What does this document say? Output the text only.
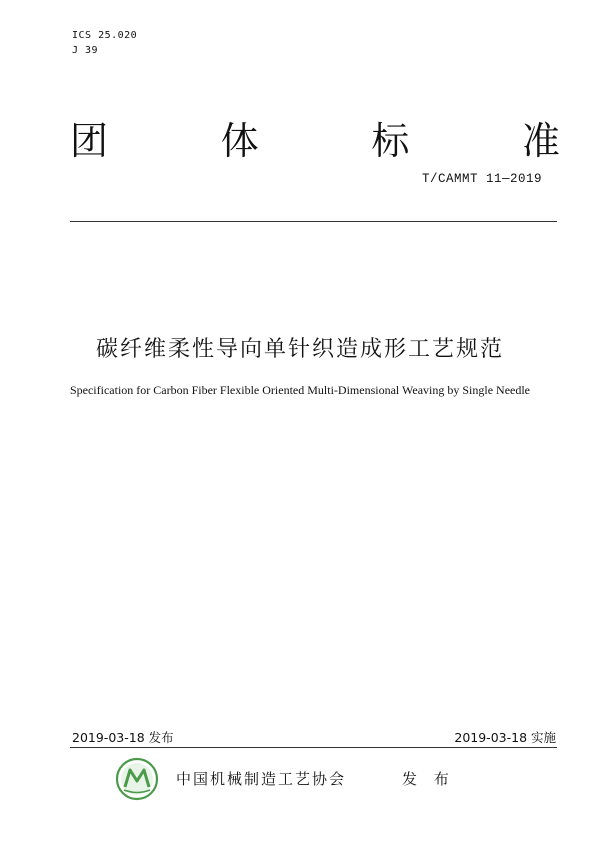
ICS 25.020
J 39
团	体	标	准
T/CAMMT 11—2019
碳纤维柔性导向单针织造成形工艺规范
Specification for Carbon Fiber Flexible Oriented Multi-Dimensional Weaving by Single Needle
2019-03-18 发布	2019-03-18 实施
中国机械制造工艺协会	发 布
